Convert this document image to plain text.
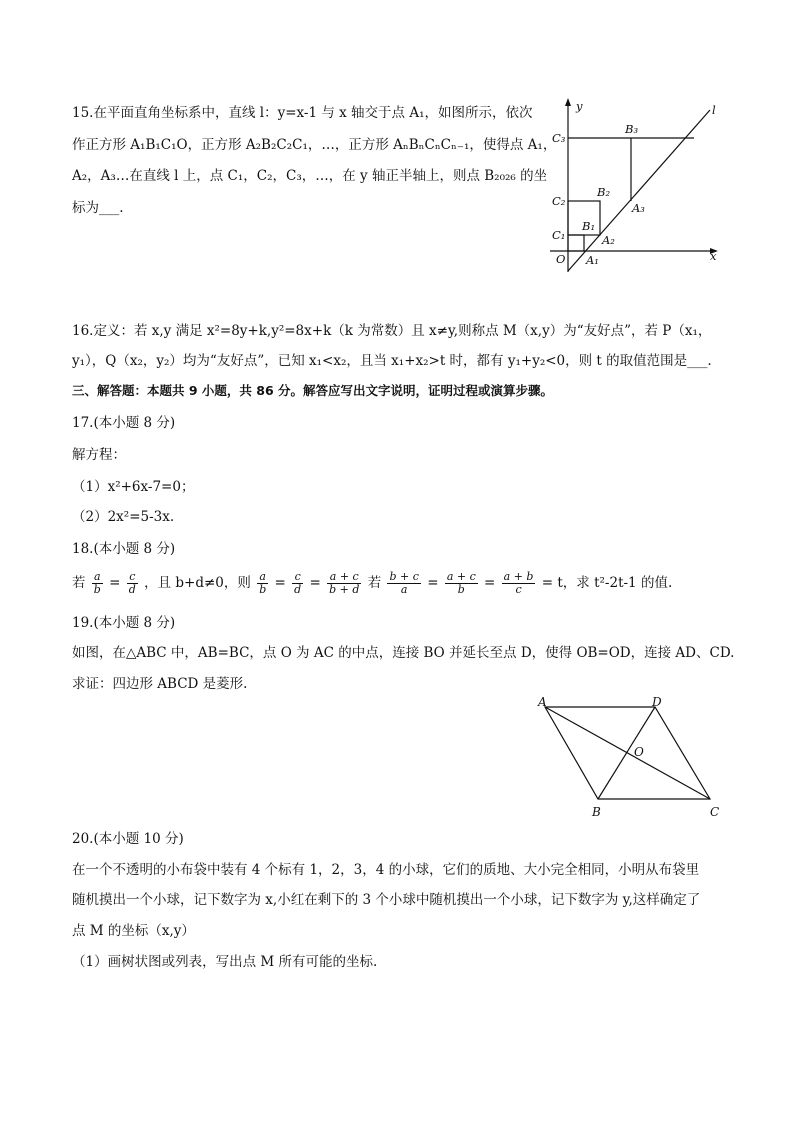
15.在平面直角坐标系中，直线 l：y=x-1 与 x 轴交于点 A₁，如图所示，依次
作正方形 A₁B₁C₁O，正方形 A₂B₂C₂C₁，…，正方形 AₙBₙCₙCₙ₋₁，使得点 A₁，
A₂，A₃…在直线 l 上，点 C₁，C₂，C₃，…，在 y 轴正半轴上，则点 B₂₀₂₆ 的坐
标为___.
y
x
l
O A₁
A₂
A₃
B₁
B₂
B₃
C₁
C₂
C₃
16.定义：若 x,y 满足 x²=8y+k,y²=8x+k（k 为常数）且 x≠y,则称点 M（x,y）为“友好点”，若 P（x₁，
y₁），Q（x₂，y₂）均为“友好点”，已知 x₁<x₂，且当 x₁+x₂>t 时，都有 y₁+y₂<0，则 t 的取值范围是___.
三、解答题：本题共 9 小题，共 86 分。解答应写出文字说明，证明过程或演算步骤。
17.(本小题 8 分)
解方程：
（1）x²+6x-7=0；
（2）2x²=5-3x.
18.(本小题 8 分)
若 $\frac{a}{b} = \frac{c}{d}$ ，且 b+d≠0，则 $\frac{a}{b} = \frac{c}{d} = \frac{a + c}{b + d}$ 若 $\frac{b + c}{a} = \frac{a + c}{b} = \frac{a + b}{c} = t$，求 t²-2t-1 的值.
19.(本小题 8 分)
如图，在△ABC 中，AB=BC，点 O 为 AC 的中点，连接 BO 并延长至点 D，使得 OB=OD，连接 AD、CD.
求证：四边形 ABCD 是菱形.
A	D
O
B	C
20.(本小题 10 分)
在一个不透明的小布袋中装有 4 个标有 1，2，3，4 的小球，它们的质地、大小完全相同，小明从布袋里
随机摸出一个小球，记下数字为 x,小红在剩下的 3 个小球中随机摸出一个小球，记下数字为 y,这样确定了
点 M 的坐标（x,y）
（1）画树状图或列表，写出点 M 所有可能的坐标.
